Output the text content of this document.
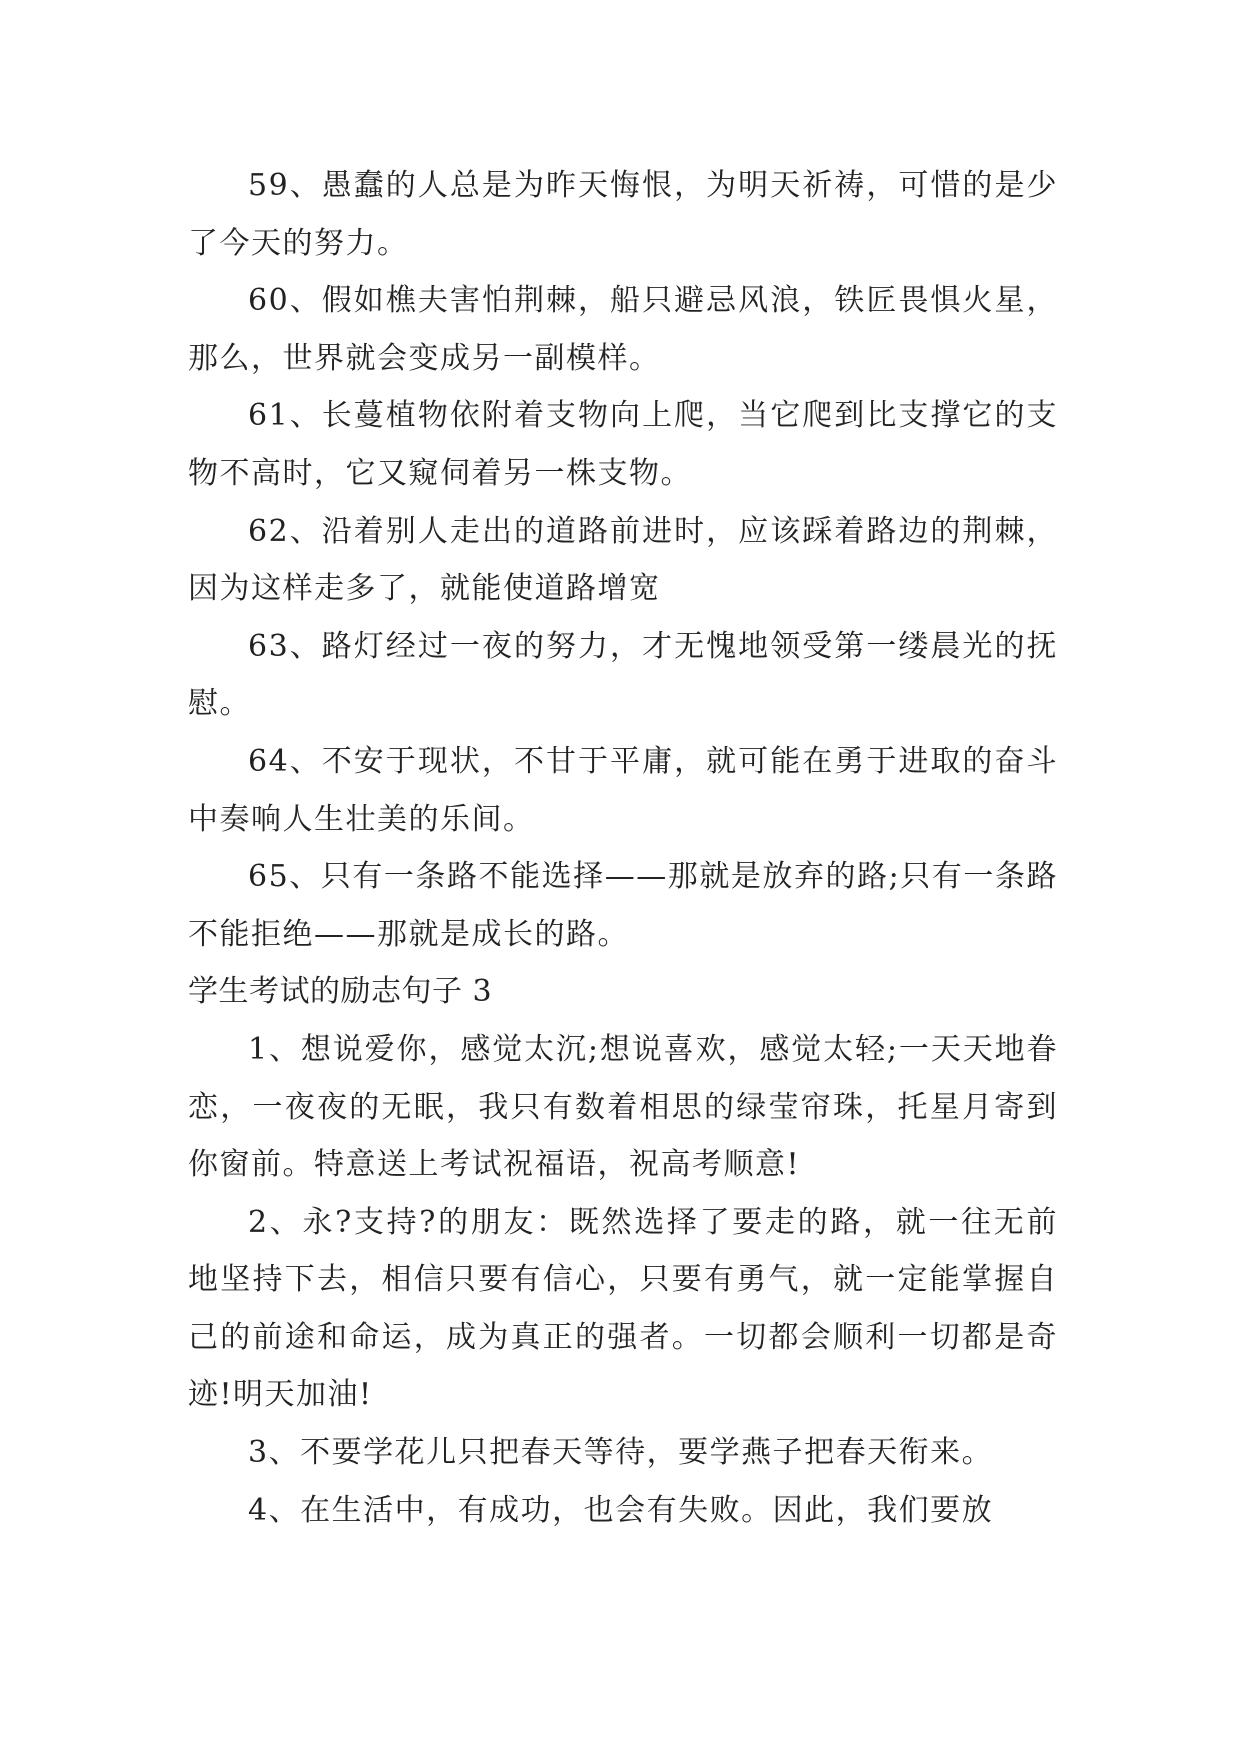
59、愚蠢的人总是为昨天悔恨，为明天祈祷，可惜的是少了今天的努力。

60、假如樵夫害怕荆棘，船只避忌风浪，铁匠畏惧火星，那么，世界就会变成另一副模样。

61、长蔓植物依附着支物向上爬，当它爬到比支撑它的支物不高时，它又窥伺着另一株支物。

62、沿着别人走出的道路前进时，应该踩着路边的荆棘，因为这样走多了，就能使道路增宽

63、路灯经过一夜的努力，才无愧地领受第一缕晨光的抚慰。

64、不安于现状，不甘于平庸，就可能在勇于进取的奋斗中奏响人生壮美的乐间。

65、只有一条路不能选择——那就是放弃的路;只有一条路不能拒绝——那就是成长的路。

学生考试的励志句子 3

1、想说爱你，感觉太沉;想说喜欢，感觉太轻;一天天地眷恋，一夜夜的无眠，我只有数着相思的绿莹帘珠，托星月寄到你窗前。特意送上考试祝福语，祝高考顺意!

2、永?支持?的朋友：既然选择了要走的路，就一往无前地坚持下去，相信只要有信心，只要有勇气，就一定能掌握自己的前途和命运，成为真正的强者。一切都会顺利一切都是奇迹!明天加油!

3、不要学花儿只把春天等待，要学燕子把春天衔来。

4、在生活中，有成功，也会有失败。因此，我们要放
